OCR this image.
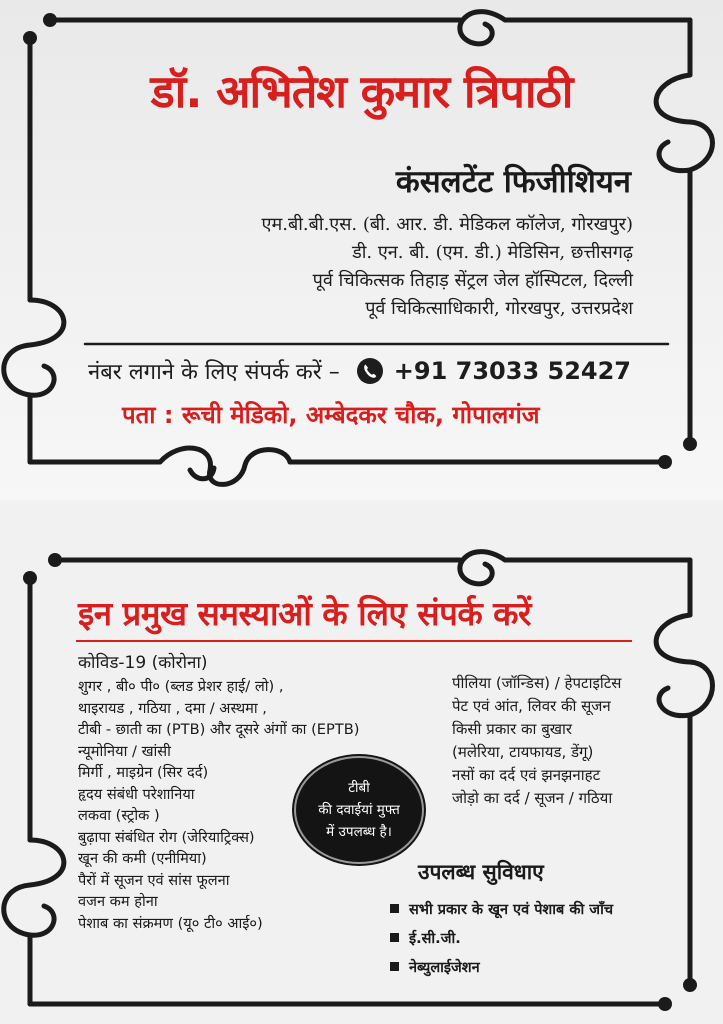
डॉ. अभितेश कुमार त्रिपाठी
कंसलटेंट फिजीशियन
एम.बी.बी.एस. (बी. आर. डी. मेडिकल कॉलेज, गोरखपुर)
डी. एन. बी. (एम. डी.) मेडिसिन, छत्तीसगढ़
पूर्व चिकित्सक तिहाड़ सेंट्रल जेल हॉस्पिटल, दिल्ली
पूर्व चिकित्साधिकारी, गोरखपुर, उत्तरप्रदेश
नंबर लगाने के लिए संपर्क करें – +91 73033 52427
पता : रूची मेडिको, अम्बेदकर चौक, गोपालगंज
इन प्रमुख समस्याओं के लिए संपर्क करें
कोविड-19 (कोरोना)
शुगर , बी० पी० (ब्लड प्रेशर हाई/ लो) ,
थाइरायड , गठिया , दमा / अस्थमा ,
टीबी - छाती का (PTB) और दूसरे अंगों का (EPTB)
न्यूमोनिया / खांसी
मिर्गी , माइग्रेन (सिर दर्द)
हृदय संबंधी परेशानिया
लकवा (स्ट्रोक )
बुढ़ापा संबंधित रोग (जेरियाट्रिक्स)
खून की कमी (एनीमिया)
पैरों में सूजन एवं सांस फूलना
वजन कम होना
पेशाब का संक्रमण (यू० टी० आई०)
पीलिया (जॉन्डिस) / हेपटाइटिस
पेट एवं आंत, लिवर की सूजन
किसी प्रकार का बुखार
(मलेरिया, टायफायड, डेंगू)
नसों का दर्द एवं झनझनाहट
जोड़ो का दर्द / सूजन / गठिया
टीबी
की दवाईयां मुफ्त
में उपलब्ध है।
उपलब्ध सुविधाए
सभी प्रकार के खून एवं पेशाब की जाँच
ई.सी.जी.
नेब्युलाईजेशन
